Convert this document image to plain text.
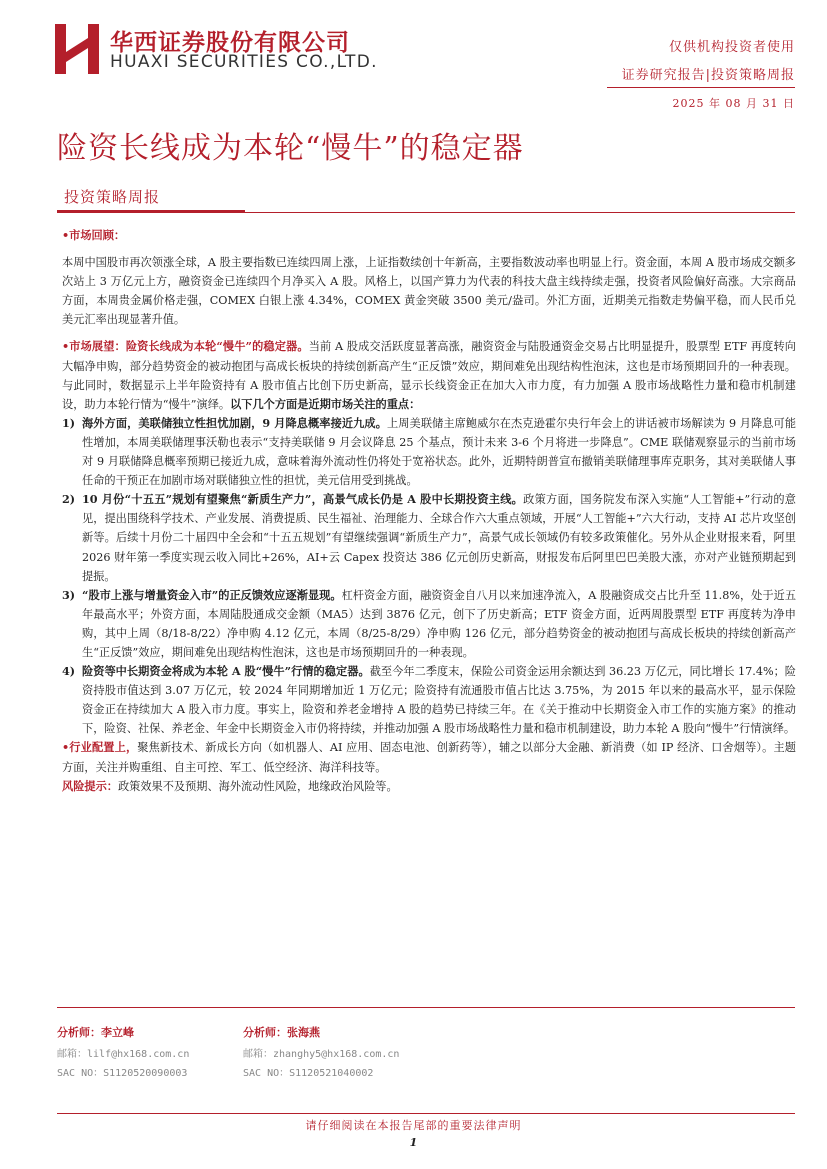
华西证券股份有限公司
HUAXI SECURITIES CO.,LTD.
仅供机构投资者使用
证券研究报告|投资策略周报
2025 年 08 月 31 日
险资长线成为本轮“慢牛”的稳定器
投资策略周报

•市场回顾：

本周中国股市再次领涨全球，A 股主要指数已连续四周上涨，上证指数续创十年新高，主要指数波动率也明显上行。资金面，本周 A 股市场成交额多次站上 3 万亿元上方，融资资金已连续四个月净买入 A 股。风格上，以国产算力为代表的科技大盘主线持续走强，投资者风险偏好高涨。大宗商品方面，本周贵金属价格走强，COMEX 白银上涨 4.34%，COMEX 黄金突破 3500 美元/盎司。外汇方面，近期美元指数走势偏平稳，而人民币兑美元汇率出现显著升值。

•市场展望：险资长线成为本轮“慢牛”的稳定器。当前 A 股成交活跃度显著高涨，融资资金与陆股通资金交易占比明显提升，股票型 ETF 再度转向大幅净申购，部分趋势资金的被动抱团与高成长板块的持续创新高产生“正反馈”效应，期间难免出现结构性泡沫，这也是市场预期回升的一种表现。与此同时，数据显示上半年险资持有 A 股市值占比创下历史新高，显示长线资金正在加大入市力度，有力加强 A 股市场战略性力量和稳市机制建设，助力本轮行情为“慢牛”演绎。以下几个方面是近期市场关注的重点：

1) 海外方面，美联储独立性担忧加剧，9 月降息概率接近九成。上周美联储主席鲍威尔在杰克逊霍尔央行年会上的讲话被市场解读为 9 月降息可能性增加，本周美联储理事沃勒也表示“支持美联储 9 月会议降息 25 个基点，预计未来 3-6 个月将进一步降息”。CME 联储观察显示的当前市场对 9 月联储降息概率预期已接近九成，意味着海外流动性仍将处于宽裕状态。此外，近期特朗普宣布撤销美联储理事库克职务，其对美联储人事任命的干预正在加剧市场对联储独立性的担忧，美元信用受到挑战。
2) 10 月份“十五五”规划有望聚焦“新质生产力”，高景气成长仍是 A 股中长期投资主线。政策方面，国务院发布深入实施“人工智能+”行动的意见，提出围绕科学技术、产业发展、消费提质、民生福祉、治理能力、全球合作六大重点领域，开展“人工智能+”六大行动，支持 AI 芯片攻坚创新等。后续十月份二十届四中全会和“十五五规划”有望继续强调“新质生产力”，高景气成长领域仍有较多政策催化。另外从企业财报来看，阿里 2026 财年第一季度实现云收入同比+26%，AI+云 Capex 投资达 386 亿元创历史新高，财报发布后阿里巴巴美股大涨，亦对产业链预期起到提振。
3) “股市上涨与增量资金入市”的正反馈效应逐渐显现。杠杆资金方面，融资资金自八月以来加速净流入，A 股融资成交占比升至 11.8%，处于近五年最高水平；外资方面，本周陆股通成交金额（MA5）达到 3876 亿元，创下了历史新高；ETF 资金方面，近两周股票型 ETF 再度转为净申购，其中上周（8/18-8/22）净申购 4.12 亿元，本周（8/25-8/29）净申购 126 亿元，部分趋势资金的被动抱团与高成长板块的持续创新高产生“正反馈”效应，期间难免出现结构性泡沫，这也是市场预期回升的一种表现。
4) 险资等中长期资金将成为本轮 A 股“慢牛”行情的稳定器。截至今年二季度末，保险公司资金运用余额达到 36.23 万亿元，同比增长 17.4%；险资持股市值达到 3.07 万亿元，较 2024 年同期增加近 1 万亿元；险资持有流通股市值占比达 3.75%，为 2015 年以来的最高水平，显示保险资金正在持续加大 A 股入市力度。事实上，险资和养老金增持 A 股的趋势已持续三年。在《关于推动中长期资金入市工作的实施方案》的推动下，险资、社保、养老金、年金中长期资金入市仍将持续，并推动加强 A 股市场战略性力量和稳市机制建设，助力本轮 A 股向“慢牛”行情演绎。

•行业配置上，聚焦新技术、新成长方向（如机器人、AI 应用、固态电池、创新药等），辅之以部分大金融、新消费（如 IP 经济、口舍烟等）。主题方面，关注并购重组、自主可控、军工、低空经济、海洋科技等。

风险提示：政策效果不及预期、海外流动性风险，地缘政治风险等。

分析师：李立峰
邮箱：lilf@hx168.com.cn
SAC NO：S1120520090003
分析师：张海燕
邮箱：zhanghy5@hx168.com.cn
SAC NO：S1120521040002
请仔细阅读在本报告尾部的重要法律声明
1
